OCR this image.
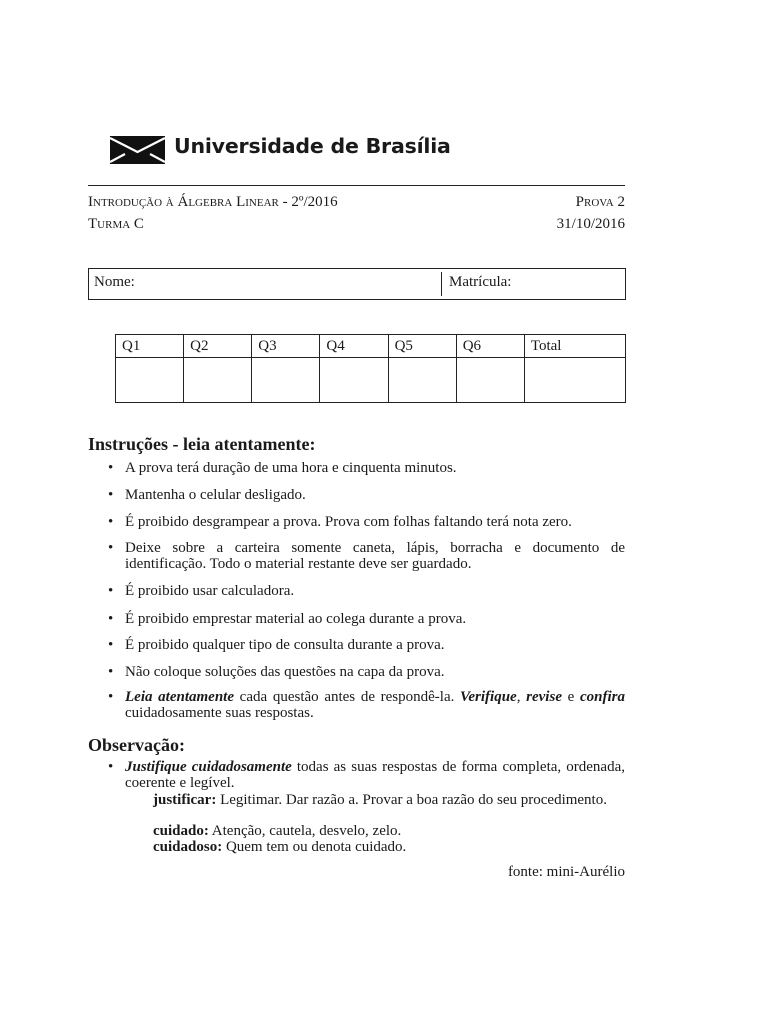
Universidade de Brasília
Introdução à Álgebra Linear - 2º/2016
Turma C
Prova 2
31/10/2016
Nome:	Matrícula:
Q1	Q2	Q3	Q4	Q5	Q6	Total

Instruções - leia atentamente:
• A prova terá duração de uma hora e cinquenta minutos.
• Mantenha o celular desligado.
• É proibido desgrampear a prova. Prova com folhas faltando terá nota zero.
• Deixe sobre a carteira somente caneta, lápis, borracha e documento de identificação. Todo o material restante deve ser guardado.
• É proibido usar calculadora.
• É proibido emprestar material ao colega durante a prova.
• É proibido qualquer tipo de consulta durante a prova.
• Não coloque soluções das questões na capa da prova.
• Leia atentamente cada questão antes de respondê-la. Verifique, revise e confira cuidadosamente suas respostas.
Observação:
• Justifique cuidadosamente todas as suas respostas de forma completa, ordenada, coerente e legível.
justificar: Legitimar. Dar razão a. Provar a boa razão do seu procedimento.
cuidado: Atenção, cautela, desvelo, zelo.
cuidadoso: Quem tem ou denota cuidado.
fonte: mini-Aurélio
